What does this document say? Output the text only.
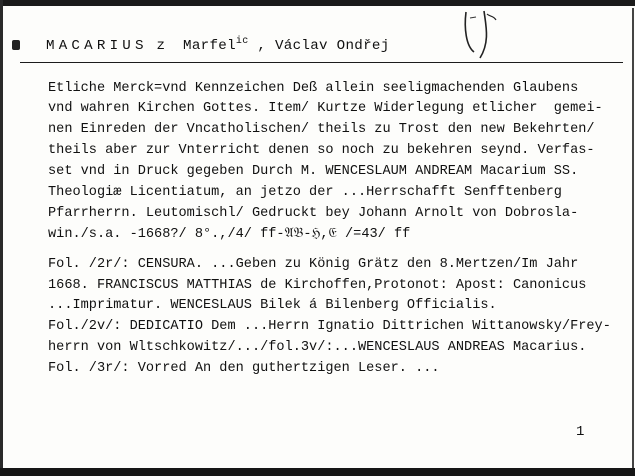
MACARIUS z Marfel$^{ic}$ , Václav Ondřej
Etliche Merck=vnd Kennzeichen Deß allein seeligmachenden Glaubens
vnd wahren Kirchen Gottes. Item/ Kurtze Widerlegung etlicher  gemei-
nen Einreden der Vncatholischen/ theils zu Trost den new Bekehrten/
theils aber zur Vnterricht denen so noch zu bekehren seynd. Verfas-
set vnd in Druck gegeben Durch M. WENCESLAUM ANDREAM Macarium SS.
Theologiæ Licentiatum, an jetzo der ...Herrschafft Senfftenberg
Pfarrherrn. Leutomischl/ Gedruckt bey Johann Arnolt von Dobrosla-
win./s.a. -1668?/ 8°.,/4/ ff-𝔄𝔅-ℌ,𝔈 /=43/ ff
Fol. /2r/: CENSURA. ...Geben zu König Grätz den 8.Mertzen/Im Jahr
1668. FRANCISCUS MATTHIAS de Kirchoffen,Protonot: Apost: Canonicus
...Imprimatur. WENCESLAUS Bilek á Bilenberg Officialis.
Fol./2v/: DEDICATIO Dem ...Herrn Ignatio Dittrichen Wittanowsky/Frey-
herrn von Wltschkowitz/.../fol.3v/:...WENCESLAUS ANDREAS Macarius.
Fol. /3r/: Vorred An den guthertzigen Leser. ...
1
